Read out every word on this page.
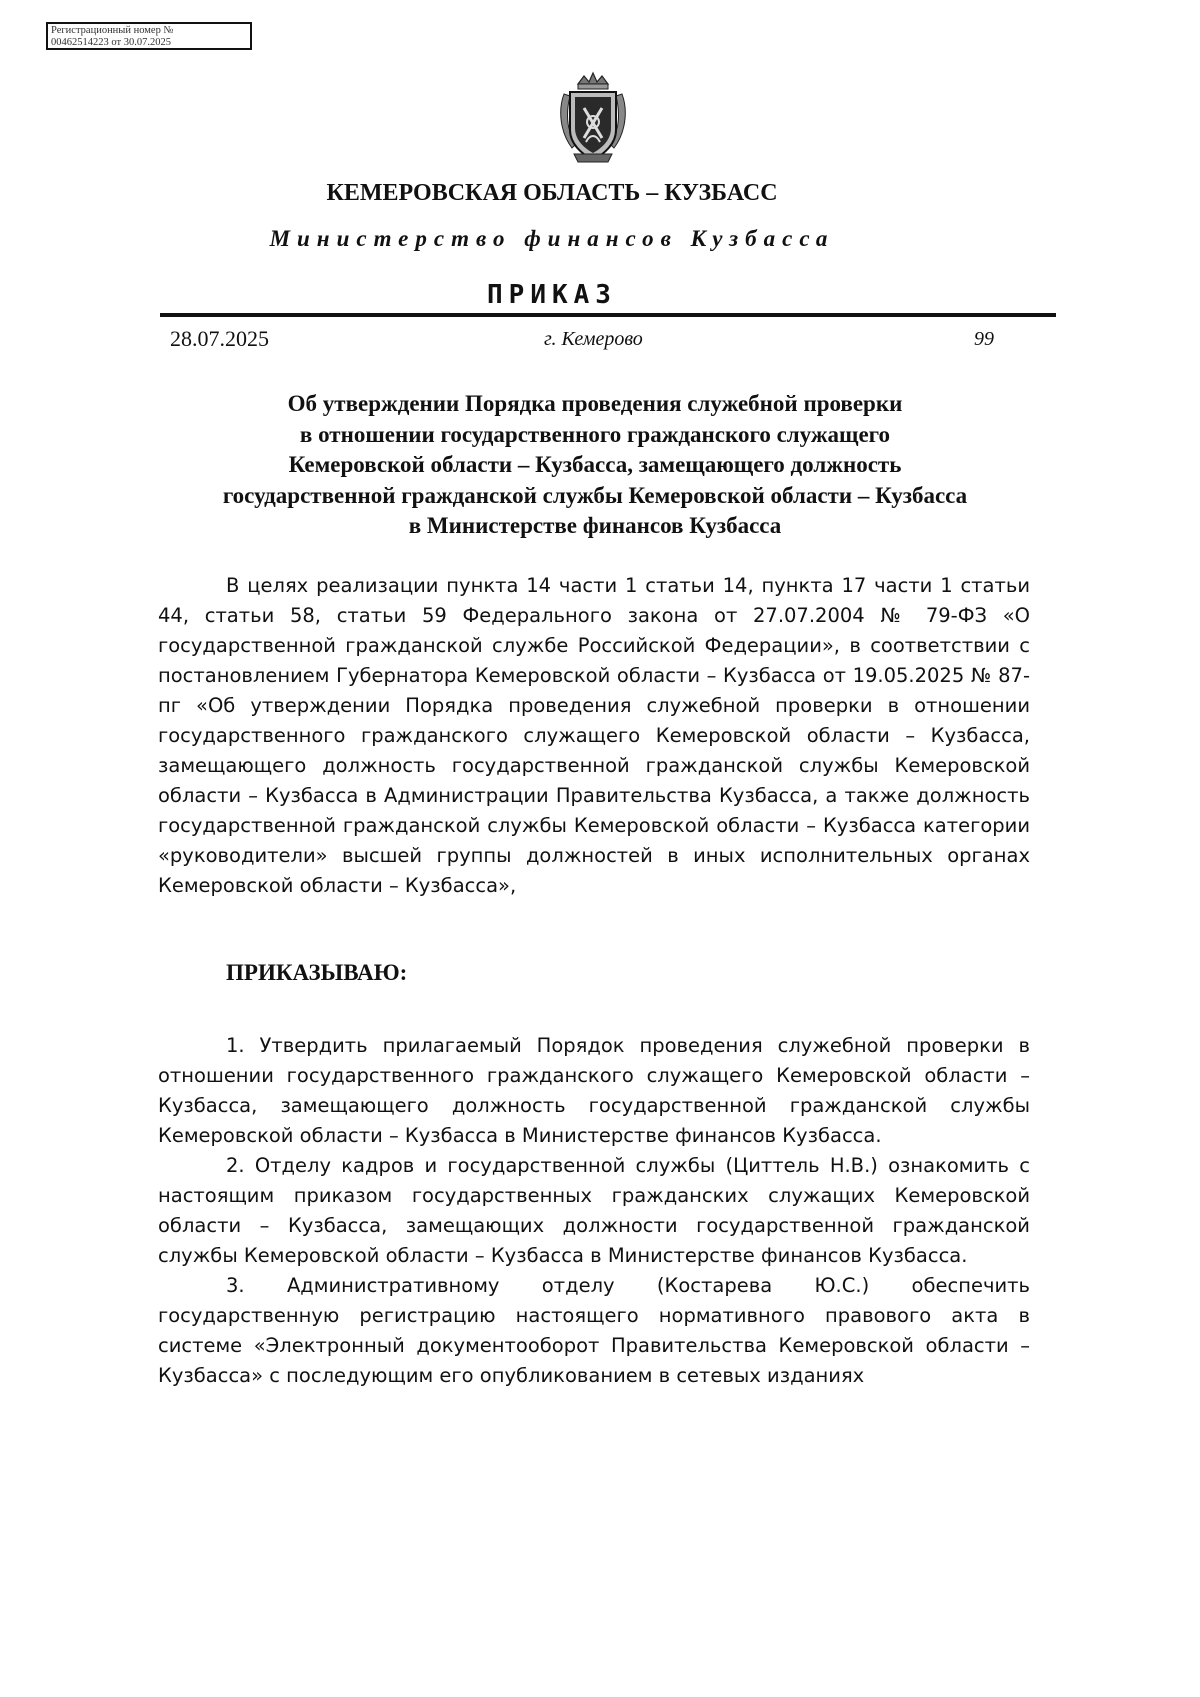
Регистрационный номер №
00462514223 от 30.07.2025
КЕМЕРОВСКАЯ ОБЛАСТЬ – КУЗБАСС
Министерство финансов Кузбасса
ПРИКАЗ
28.07.2025	г. Кемерово	99
Об утверждении Порядка проведения служебной проверки
в отношении государственного гражданского служащего
Кемеровской области – Кузбасса, замещающего должность
государственной гражданской службы Кемеровской области – Кузбасса
в Министерстве финансов Кузбасса

В целях реализации пункта 14 части 1 статьи 14, пункта 17 части 1 статьи 44, статьи 58, статьи 59 Федерального закона от 27.07.2004 № 79-ФЗ «О государственной гражданской службе Российской Федерации», в соответствии с постановлением Губернатора Кемеровской области – Кузбасса от 19.05.2025 № 87-пг «Об утверждении Порядка проведения служебной проверки в отношении государственного гражданского служащего Кемеровской области – Кузбасса, замещающего должность государственной гражданской службы Кемеровской области – Кузбасса в Администрации Правительства Кузбасса, а также должность государственной гражданской службы Кемеровской области – Кузбасса категории «руководители» высшей группы должностей в иных исполнительных органах Кемеровской области – Кузбасса»,

ПРИКАЗЫВАЮ:

1. Утвердить прилагаемый Порядок проведения служебной проверки в отношении государственного гражданского служащего Кемеровской области – Кузбасса, замещающего должность государственной гражданской службы Кемеровской области – Кузбасса в Министерстве финансов Кузбасса.

2. Отделу кадров и государственной службы (Циттель Н.В.) ознакомить с настоящим приказом государственных гражданских служащих Кемеровской области – Кузбасса, замещающих должности государственной гражданской службы Кемеровской области – Кузбасса в Министерстве финансов Кузбасса.

3. Административному отделу (Костарева Ю.С.) обеспечить государственную регистрацию настоящего нормативного правового акта в системе «Электронный документооборот Правительства Кемеровской области – Кузбасса» с последующим его опубликованием в сетевых изданиях
